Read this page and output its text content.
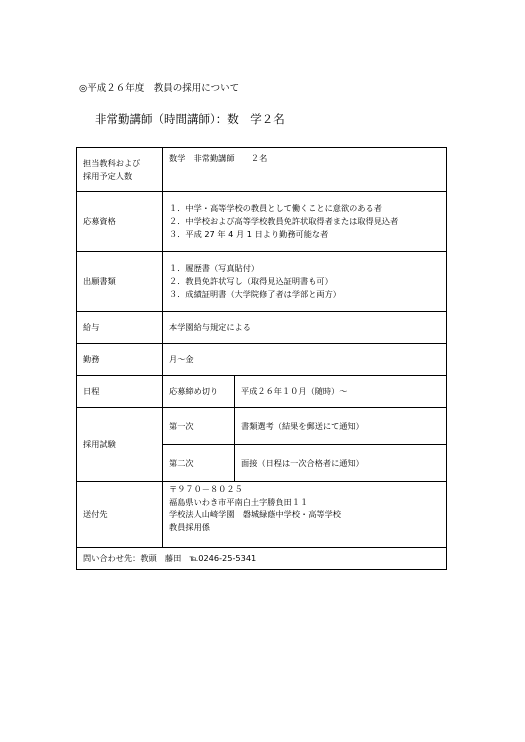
◎平成２６年度　教員の採用について
非常勤講師（時間講師）：数　学２名
担当教科および
採用予定人数	数学　非常勤講師　　２名	
応募資格	１．中学・高等学校の教員として働くことに意欲のある者
２．中学校および高等学校教員免許状取得者または取得見込者
３．平成 27 年 4 月 1 日より勤務可能な者	

出願書類	１．履歴書（写真貼付）
２．教員免許状写し（取得見込証明書も可）
３．成績証明書（大学院修了者は学部と両方）	

給与	本学園給与規定による	
勤務	月～金	
日程	応募締め切り	平成２６年１０月（随時）～
採用試験	第一次	書類選考（結果を郵送にて通知）
	第二次	面接（日程は一次合格者に通知）
送付先	〒９７０－８０２５
福島県いわき市平南白土字勝負田１１
学校法人山崎学園　磐城緑蔭中学校・高等学校
教員採用係	

問い合わせ先：教頭　藤田　℡0246-25-5341		
